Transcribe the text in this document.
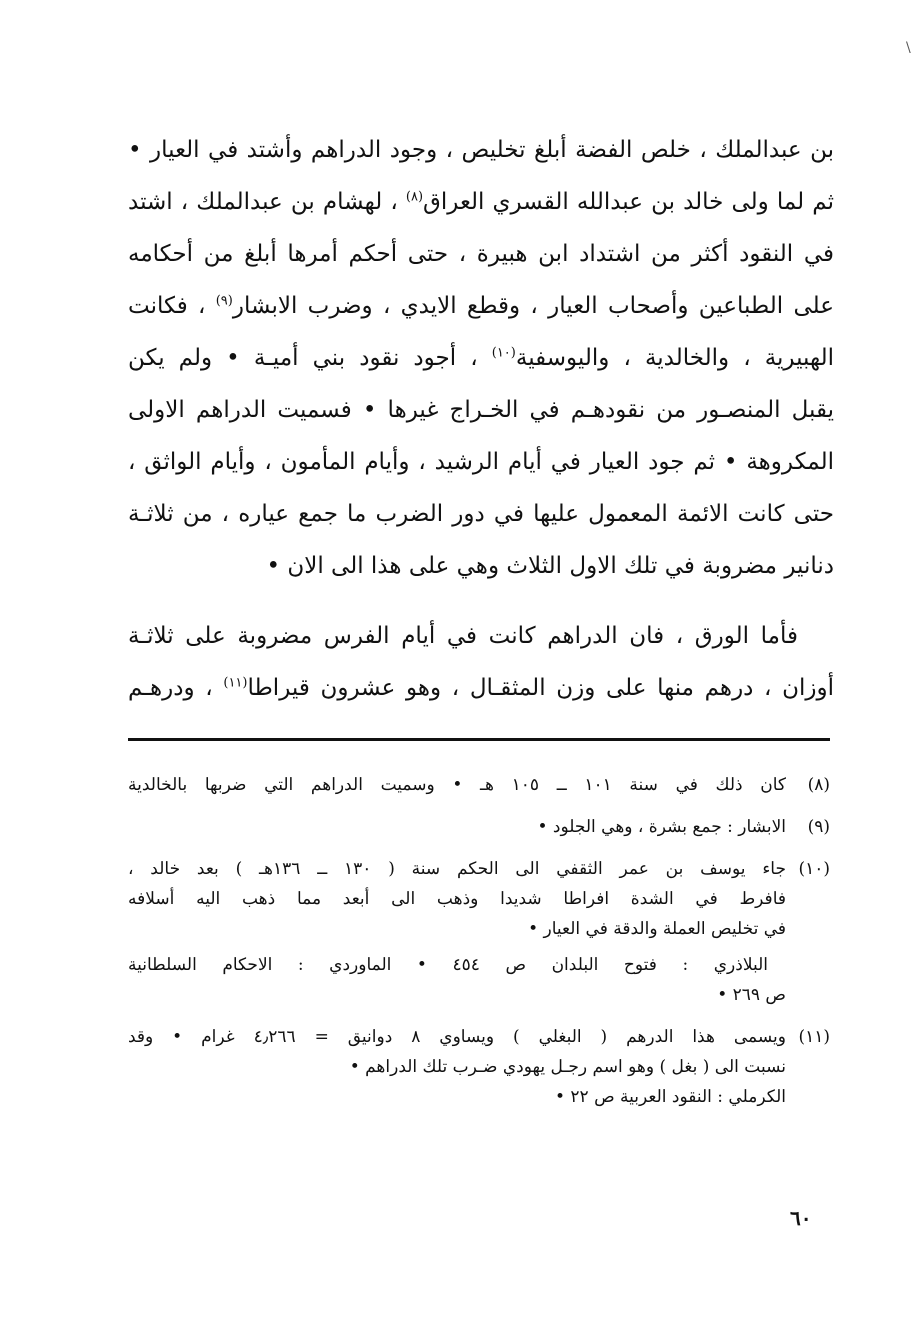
\
بن عبدالملك ، خلص الفضة أبلغ تخليص ، وجود الدراهم وأشتد في العيار •
ثم لما ولى خالد بن عبدالله القسري العراق$^{(٨)}$ ، لهشام بن عبدالملك ، اشتد
في النقود أكثر من اشتداد ابن هبيرة ، حتى أحكم أمرها أبلغ من أحكامه
على الطباعين وأصحاب العيار ، وقطع الايدي ، وضرب الابشار$^{(٩)}$ ، فكانت
الهبيرية ، والخالدية ، واليوسفية$^{(١٠)}$ ، أجود نقود بني أميـة • ولم يكن
يقبل المنصـور من نقودهـم في الخـراج غيرها • فسميت الدراهم الاولى
المكروهة • ثم جود العيار في أيام الرشيد ، وأيام المأمون ، وأيام الواثق ،
حتى كانت الائمة المعمول عليها في دور الضرب ما جمع عياره ، من ثلاثـة
دنانير مضروبة في تلك الاول الثلاث وهي على هذا الى الان •
فأما الورق ، فان الدراهم كانت في أيام الفرس مضروبة على ثلاثـة
أوزان ، درهم منها على وزن المثقـال ، وهو عشرون قيراطا$^{(١١)}$ ، ودرهـم
(٨)
كان ذلك في سنة ١٠١ ــ ١٠٥ هـ • وسميت الدراهم التي ضربها بالخالدية
(٩)
الابشار : جمع بشرة ، وهي الجلود •
(١٠)
جاء يوسف بن عمر الثقفي الى الحكم سنة ( ١٣٠ ــ ١٣٦هـ ) بعد خالد ،
فافرط في الشدة افراطا شديدا وذهب الى أبعد مما ذهب اليه أسلافه
في تخليص العملة والدقة في العيار •
البلاذري : فتوح البلدان ص ٤٥٤ • الماوردي : الاحكام السلطانية
ص ٢٦٩ •
(١١)
ويسمى هذا الدرهم ( البغلي ) ويساوي ٨ دوانيق = ٤٫٢٦٦ غرام • وقد
نسبت الى ( بغل ) وهو اسم رجـل يهودي ضـرب تلك الدراهم •
الكرملي : النقود العربية ص ٢٢ •
٦٠
